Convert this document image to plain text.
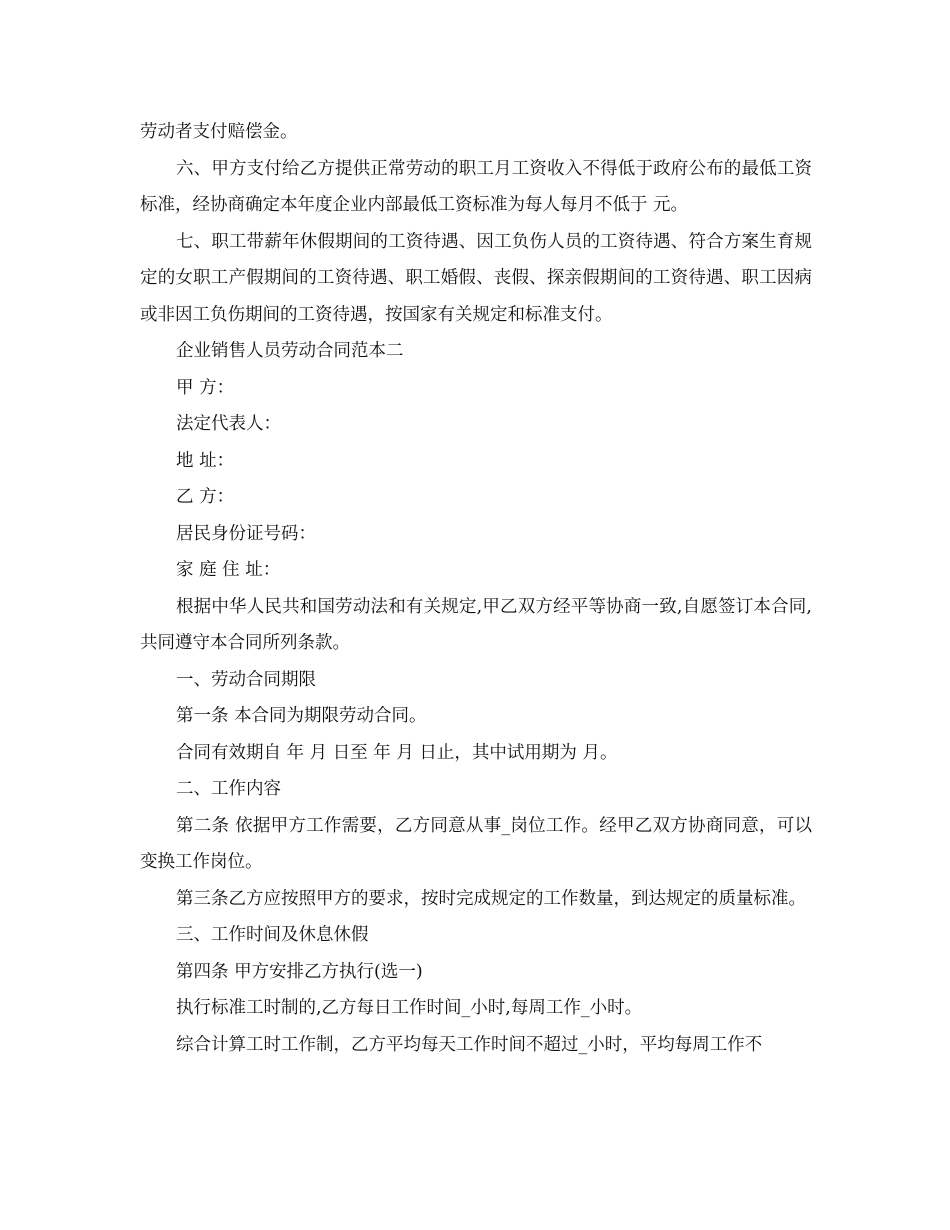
劳动者支付赔偿金。

六、甲方支付给乙方提供正常劳动的职工月工资收入不得低于政府公布的最低工资标准，经协商确定本年度企业内部最低工资标准为每人每月不低于 元。

七、职工带薪年休假期间的工资待遇、因工负伤人员的工资待遇、符合方案生育规定的女职工产假期间的工资待遇、职工婚假、丧假、探亲假期间的工资待遇、职工因病或非因工负伤期间的工资待遇，按国家有关规定和标准支付。

企业销售人员劳动合同范本二

甲 方：

法定代表人：

地 址：

乙 方：

居民身份证号码：

家 庭 住 址：

根据中华人民共和国劳动法和有关规定,甲乙双方经平等协商一致,自愿签订本合同,共同遵守本合同所列条款。

一、劳动合同期限

第一条 本合同为期限劳动合同。

合同有效期自 年 月 日至 年 月 日止，其中试用期为 月。

二、工作内容

第二条 依据甲方工作需要，乙方同意从事_岗位工作。经甲乙双方协商同意，可以变换工作岗位。

第三条乙方应按照甲方的要求，按时完成规定的工作数量，到达规定的质量标准。

三、工作时间及休息休假

第四条 甲方安排乙方执行(选一)

执行标准工时制的,乙方每日工作时间_小时,每周工作_小时。

综合计算工时工作制，乙方平均每天工作时间不超过_小时，平均每周工作不
